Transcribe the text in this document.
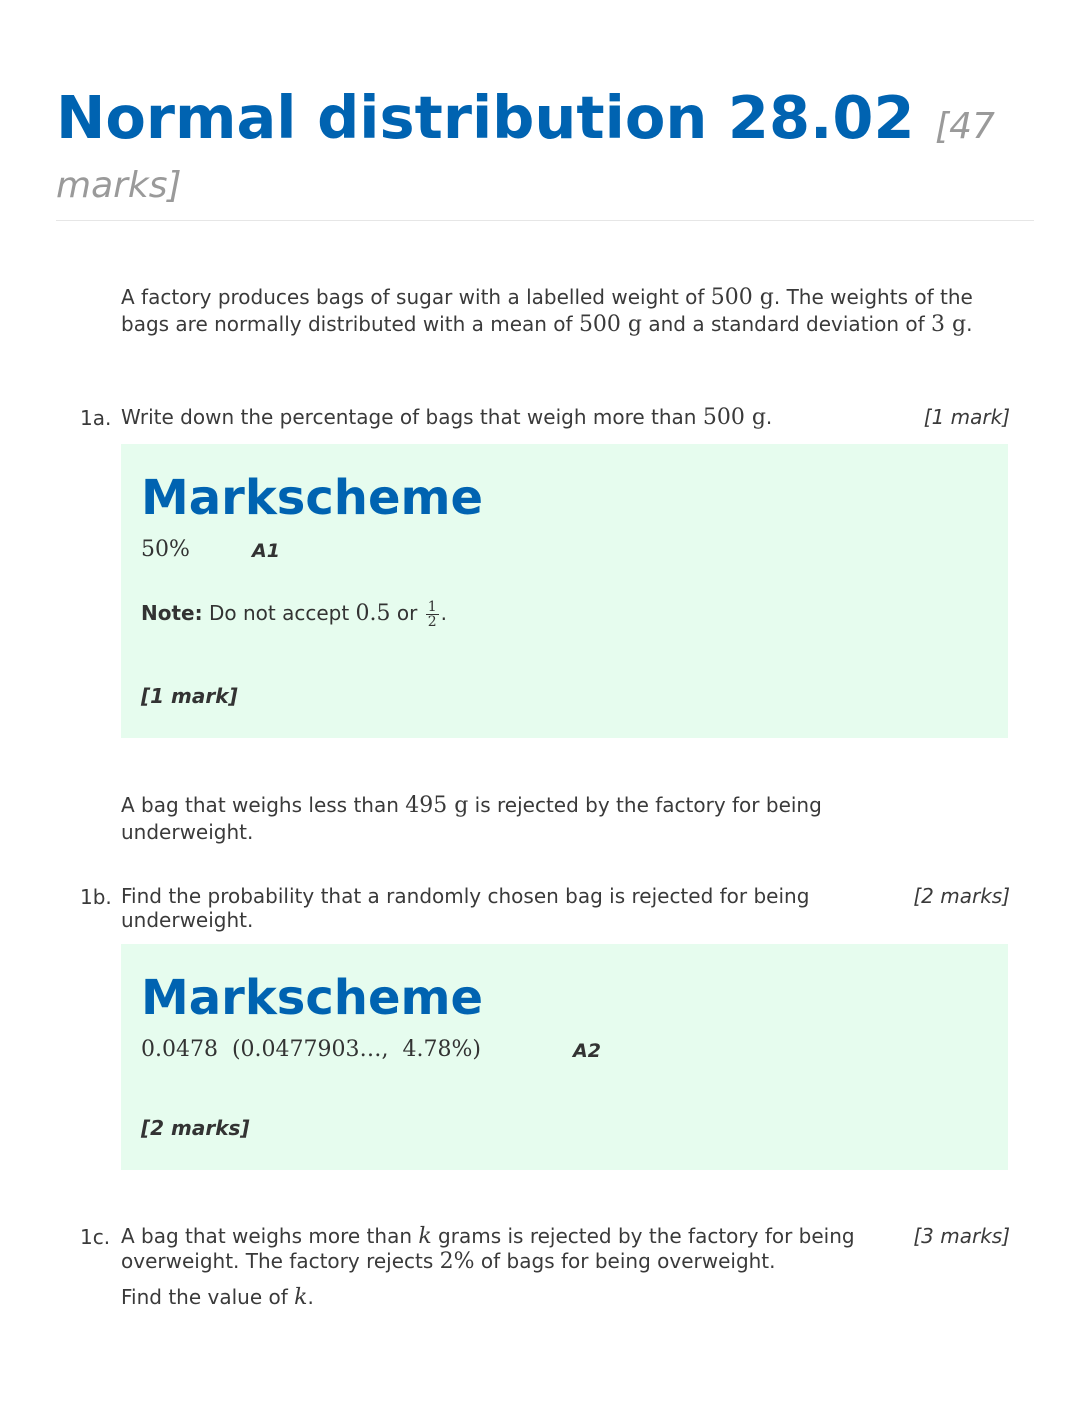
Normal distribution 28.02 [47 marks]
A factory produces bags of sugar with a labelled weight of 500 g. The weights of the bags are normally distributed with a mean of 500 g and a standard deviation of 3 g.
1a. Write down the percentage of bags that weigh more than 500 g.	[1 mark]
Markscheme
50%	A1
Note: Do not accept 0.5 or $\frac{1}{2}$ .
[1 mark]
A bag that weighs less than 495 g is rejected by the factory for being underweight.
1b. Find the probability that a randomly chosen bag is rejected for being underweight.
[2 marks]
Markscheme
0.0478  (0.0477903…,  4.78%)	A2
[2 marks]
1c. A bag that weighs more than k grams is rejected by the factory for being overweight. The factory rejects 2% of bags for being overweight.
[3 marks]
Find the value of k.
